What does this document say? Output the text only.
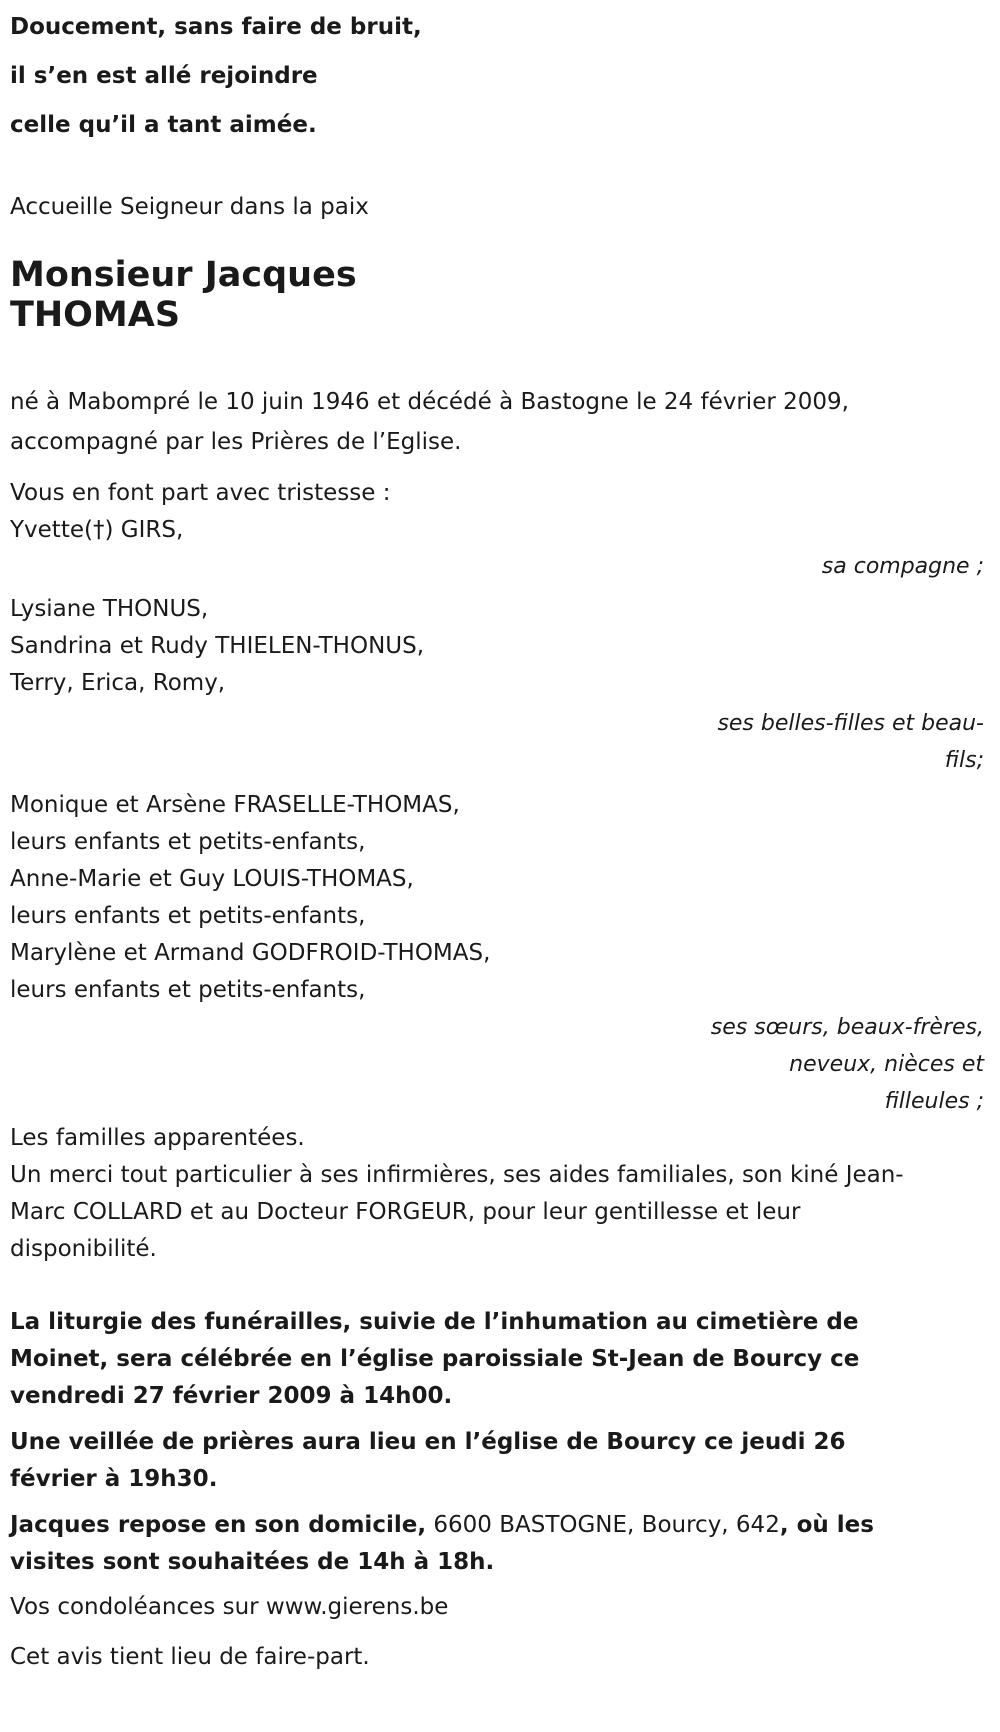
Doucement, sans faire de bruit,
il s’en est allé rejoindre
celle qu’il a tant aimée.
Accueille Seigneur dans la paix
Monsieur Jacques
THOMAS
né à Mabompré le 10 juin 1946 et décédé à Bastogne le 24 février 2009,
accompagné par les Prières de l’Eglise.
Vous en font part avec tristesse :
Yvette(†) GIRS,
sa compagne ;
Lysiane THONUS,
Sandrina et Rudy THIELEN-THONUS,
Terry, Erica, Romy,
ses belles-filles et beau-fils;
Monique et Arsène FRASELLE-THOMAS,
leurs enfants et petits-enfants,
Anne-Marie et Guy LOUIS-THOMAS,
leurs enfants et petits-enfants,
Marylène et Armand GODFROID-THOMAS,
leurs enfants et petits-enfants,
ses sœurs, beaux-frères, neveux, nièces et filleules ;
Les familles apparentées.
Un merci tout particulier à ses infirmières, ses aides familiales, son kiné Jean-Marc COLLARD et au Docteur FORGEUR, pour leur gentillesse et leur disponibilité.
La liturgie des funérailles, suivie de l’inhumation au cimetière de Moinet, sera célébrée en l’église paroissiale St-Jean de Bourcy ce vendredi 27 février 2009 à 14h00.
Une veillée de prières aura lieu en l’église de Bourcy ce jeudi 26 février à 19h30.
Jacques repose en son domicile, 6600 BASTOGNE, Bourcy, 642, où les visites sont souhaitées de 14h à 18h.
Vos condoléances sur www.gierens.be
Cet avis tient lieu de faire-part.
